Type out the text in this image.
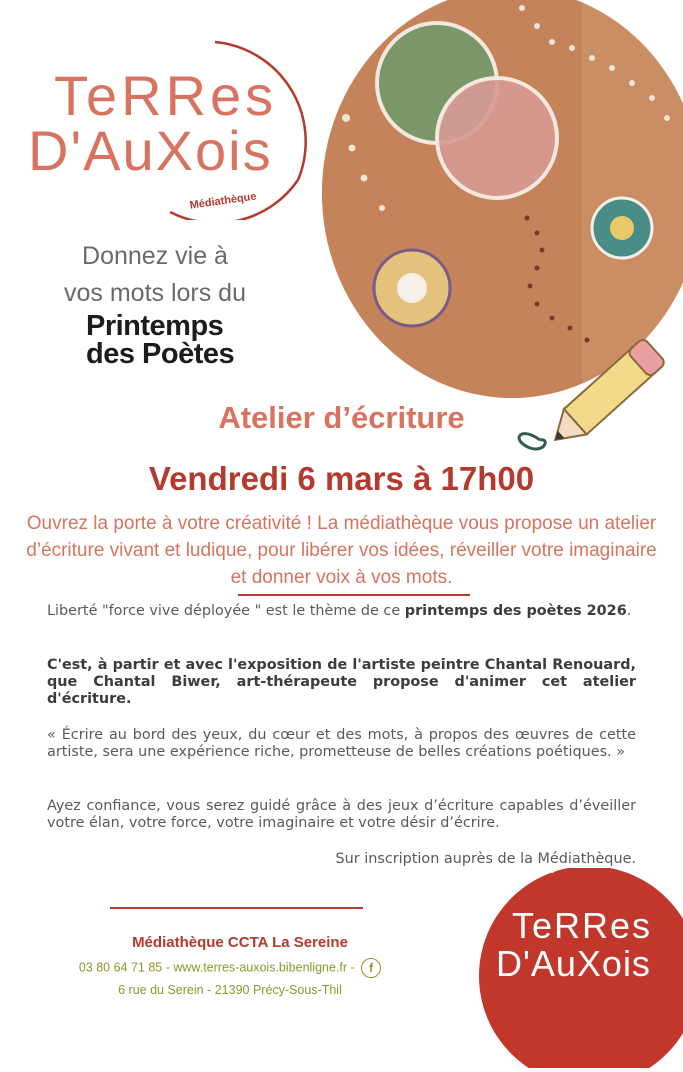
TeRRes
D'AuXois
Médiathèque
Donnez vie à
vos mots lors du
Printemps
des Poètes
Atelier d’écriture
Vendredi 6 mars à 17h00
Ouvrez la porte à votre créativité ! La médiathèque vous propose un atelier d’écriture vivant et ludique, pour libérer vos idées, réveiller votre imaginaire et donner voix à vos mots.
Liberté "force vive déployée " est le thème de ce printemps des poètes 2026.
C'est, à partir et avec l'exposition de l'artiste peintre Chantal Renouard, que Chantal Biwer, art-thérapeute propose d'animer cet atelier d'écriture.
« Écrire au bord des yeux, du cœur et des mots, à propos des œuvres de cette artiste, sera une expérience riche, prometteuse de belles créations poétiques. »
Ayez confiance, vous serez guidé grâce à des jeux d’écriture capables d’éveiller votre élan, votre force, votre imaginaire et votre désir d’écrire.
Sur inscription auprès de la Médiathèque.
Médiathèque CCTA La Sereine
03 80 64 71 85 - www.terres-auxois.bibenligne.fr - f
6 rue du Serein - 21390 Précy-Sous-Thil
C unes
TeRRes
D'AuXois
